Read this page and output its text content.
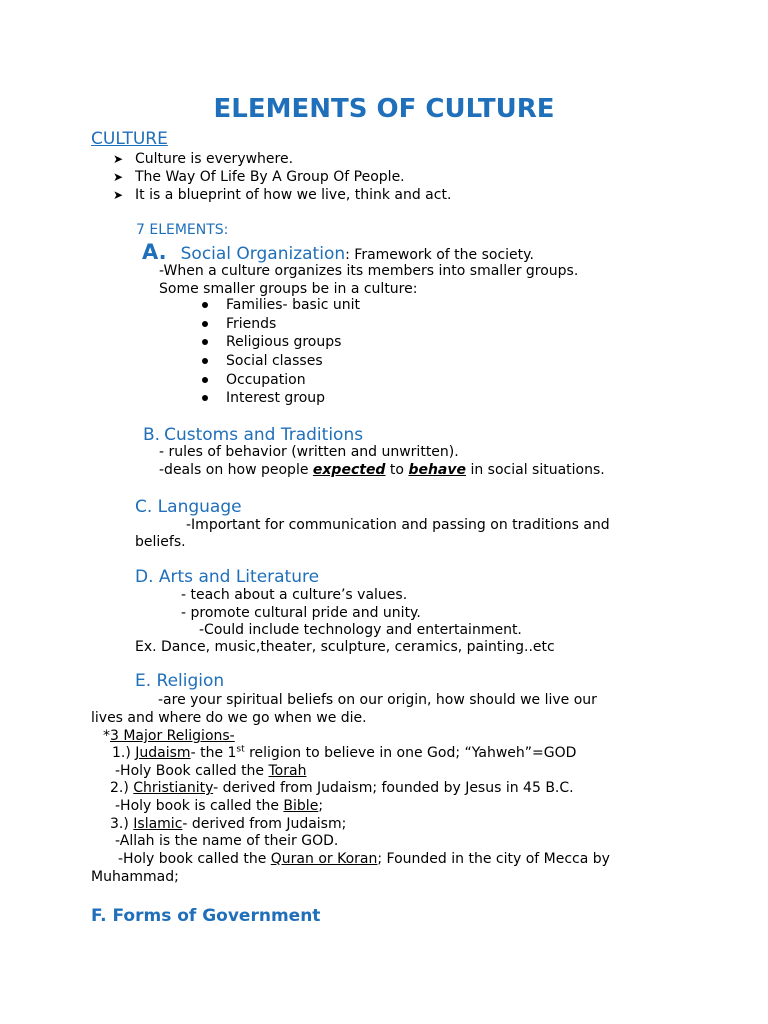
ELEMENTS OF CULTURE
CULTURE
➤ Culture is everywhere.
➤ The Way Of Life By A Group Of People.
➤ It is a blueprint of how we live, think and act.
7 ELEMENTS:
A. Social Organization: Framework of the society.
-When a culture organizes its members into smaller groups.
Some smaller groups be in a culture:
Families- basic unit
Friends
Religious groups
Social classes
Occupation
Interest group
B. Customs and Traditions
- rules of behavior (written and unwritten).
-deals on how people expected to behave in social situations.
C. Language
-Important for communication and passing on traditions and
beliefs.
D. Arts and Literature
- teach about a culture’s values.
- promote cultural pride and unity.
-Could include technology and entertainment.
Ex. Dance, music,theater, sculpture, ceramics, painting..etc
E. Religion
-are your spiritual beliefs on our origin, how should we live our
lives and where do we go when we die.
*3 Major Religions-
1.) Judaism- the 1st religion to believe in one God; “Yahweh”=GOD
-Holy Book called the Torah
2.) Christianity- derived from Judaism; founded by Jesus in 45 B.C.
-Holy book is called the Bible;
3.) Islamic- derived from Judaism;
-Allah is the name of their GOD.
-Holy book called the Quran or Koran; Founded in the city of Mecca by
Muhammad;
F. Forms of Government
